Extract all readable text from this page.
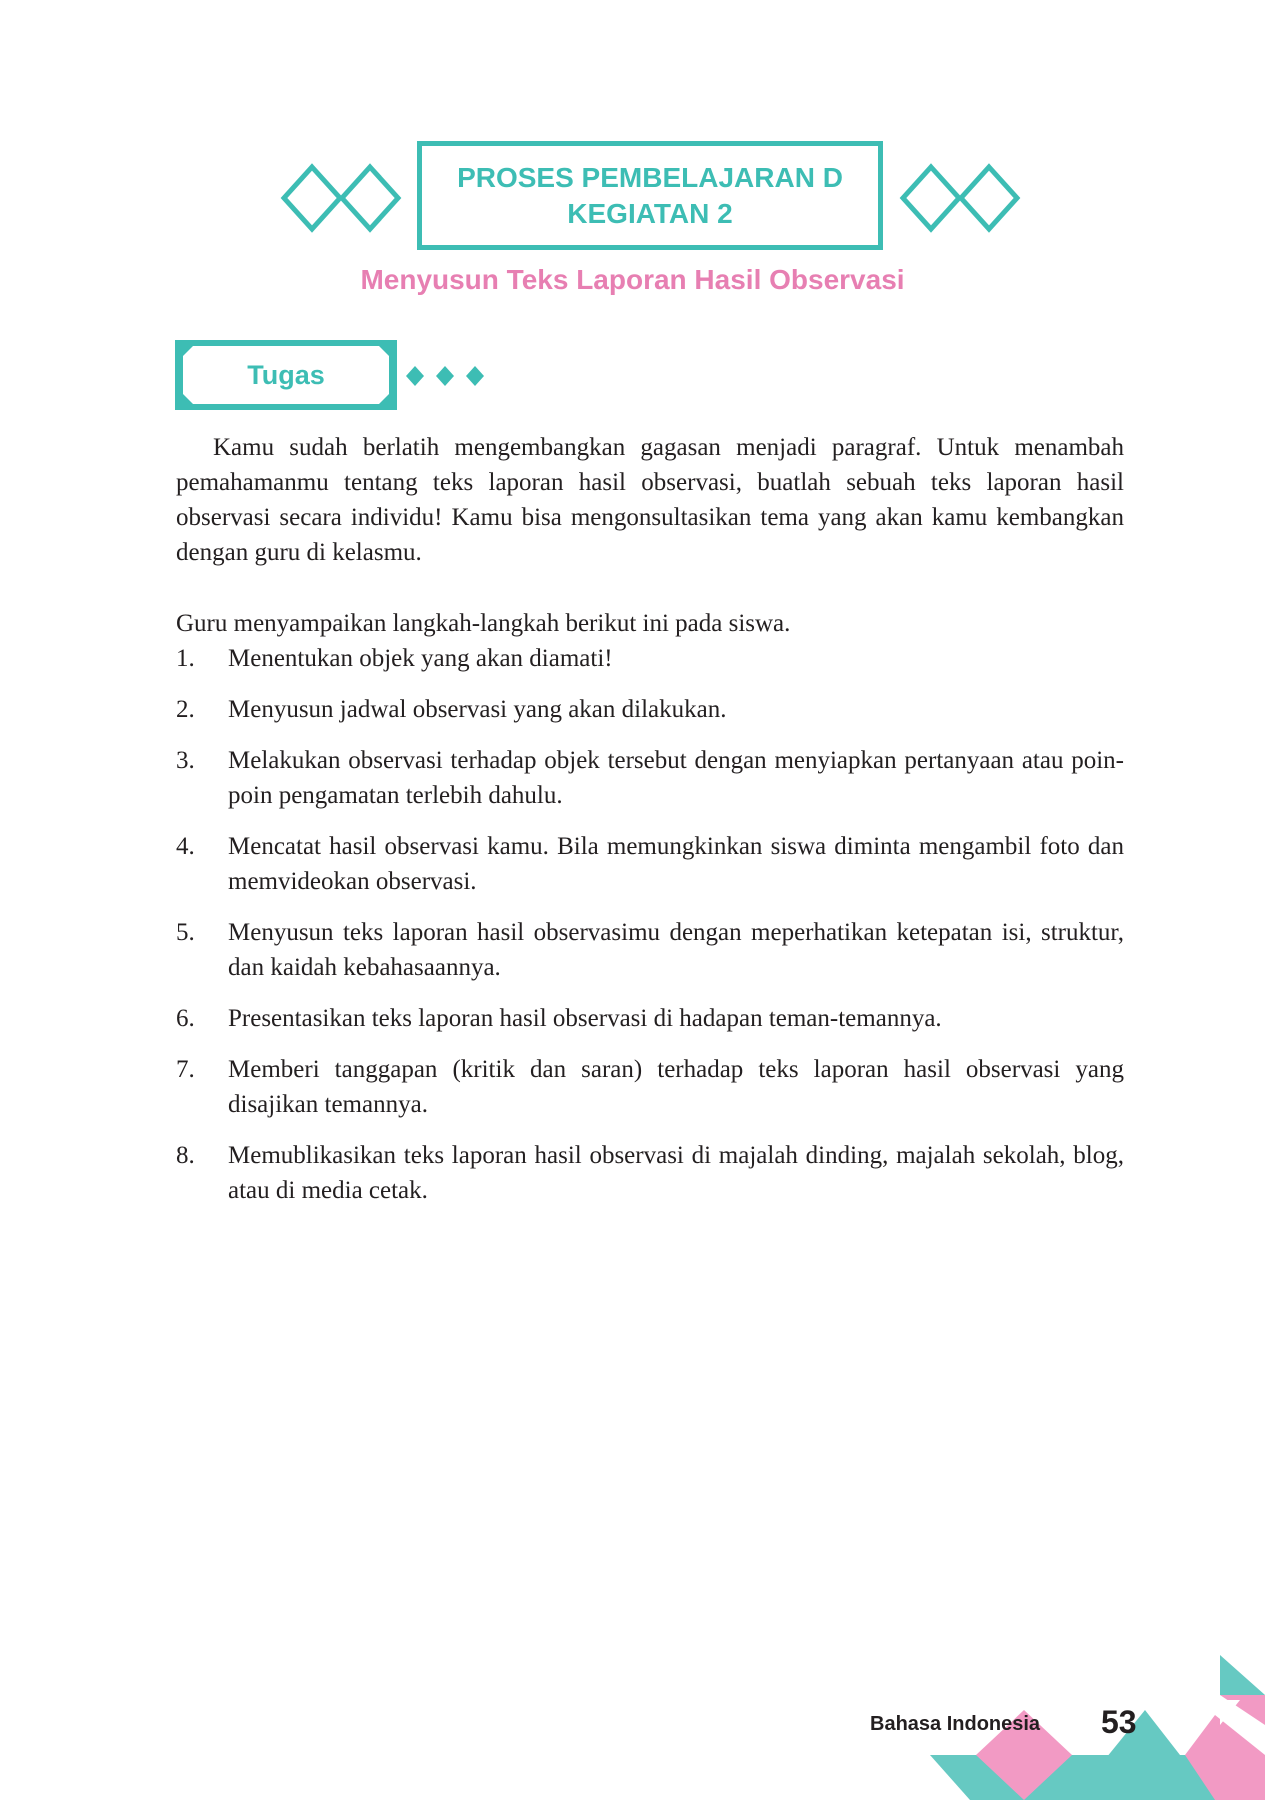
PROSES PEMBELAJARAN D
KEGIATAN 2
Menyusun Teks Laporan Hasil Observasi
Tugas

Kamu sudah berlatih mengembangkan gagasan menjadi paragraf. Untuk menambah pemahamanmu tentang teks laporan hasil observasi, buatlah sebuah teks laporan hasil observasi secara individu! Kamu bisa mengonsultasikan tema yang akan kamu kembangkan dengan guru di kelasmu.

Guru menyampaikan langkah-langkah berikut ini pada siswa.

1.	Menentukan objek yang akan diamati!
2.	Menyusun jadwal observasi yang akan dilakukan.
3.	Melakukan observasi terhadap objek tersebut dengan menyiapkan pertanyaan atau poin-poin pengamatan terlebih dahulu.
4.	Mencatat hasil observasi kamu. Bila memungkinkan siswa diminta mengambil foto dan memvideokan observasi.
5.	Menyusun teks laporan hasil observasimu dengan meperhatikan ketepatan isi, struktur, dan kaidah kebahasaannya.
6.	Presentasikan teks laporan hasil observasi di hadapan teman-temannya.
7.	Memberi tanggapan (kritik dan saran) terhadap teks laporan hasil observasi yang disajikan temannya.
8.	Memublikasikan teks laporan hasil observasi di majalah dinding, majalah sekolah, blog, atau di media cetak.
Bahasa Indonesia 53
